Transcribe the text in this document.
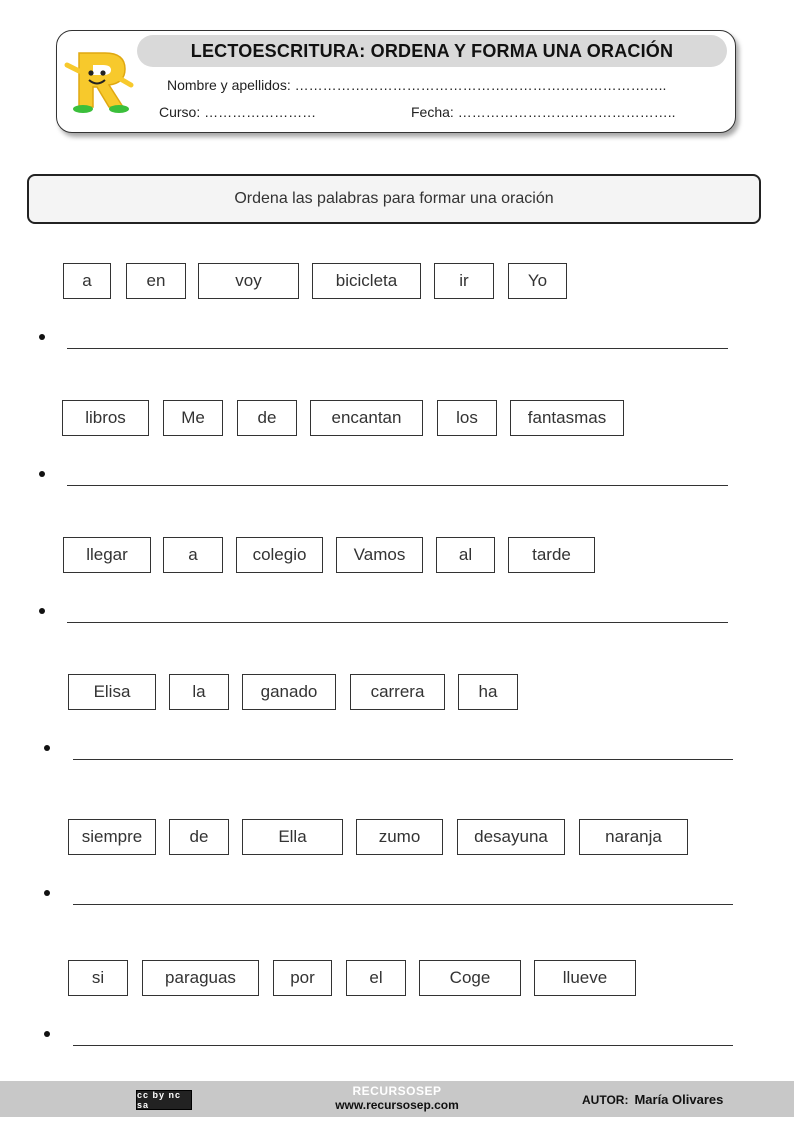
LECTOESCRITURA: ORDENA Y FORMA UNA ORACIÓN
Nombre y apellidos: ……………………………………………………………………..
Curso: ……………………	Fecha: ………………………………………..
Ordena las palabras para formar una oración
a	en	voy	bicicleta	ir	Yo
libros	Me	de	encantan	los	fantasmas
llegar	a	colegio	Vamos	al	tarde
Elisa	la	ganado	carrera	ha
siempre	de	Ella	zumo	desayuna	naranja
si	paraguas	por	el	Coge	llueve
cc by nc sa
RECURSOSEP
www.recursosep.com	AUTOR: María Olivares
